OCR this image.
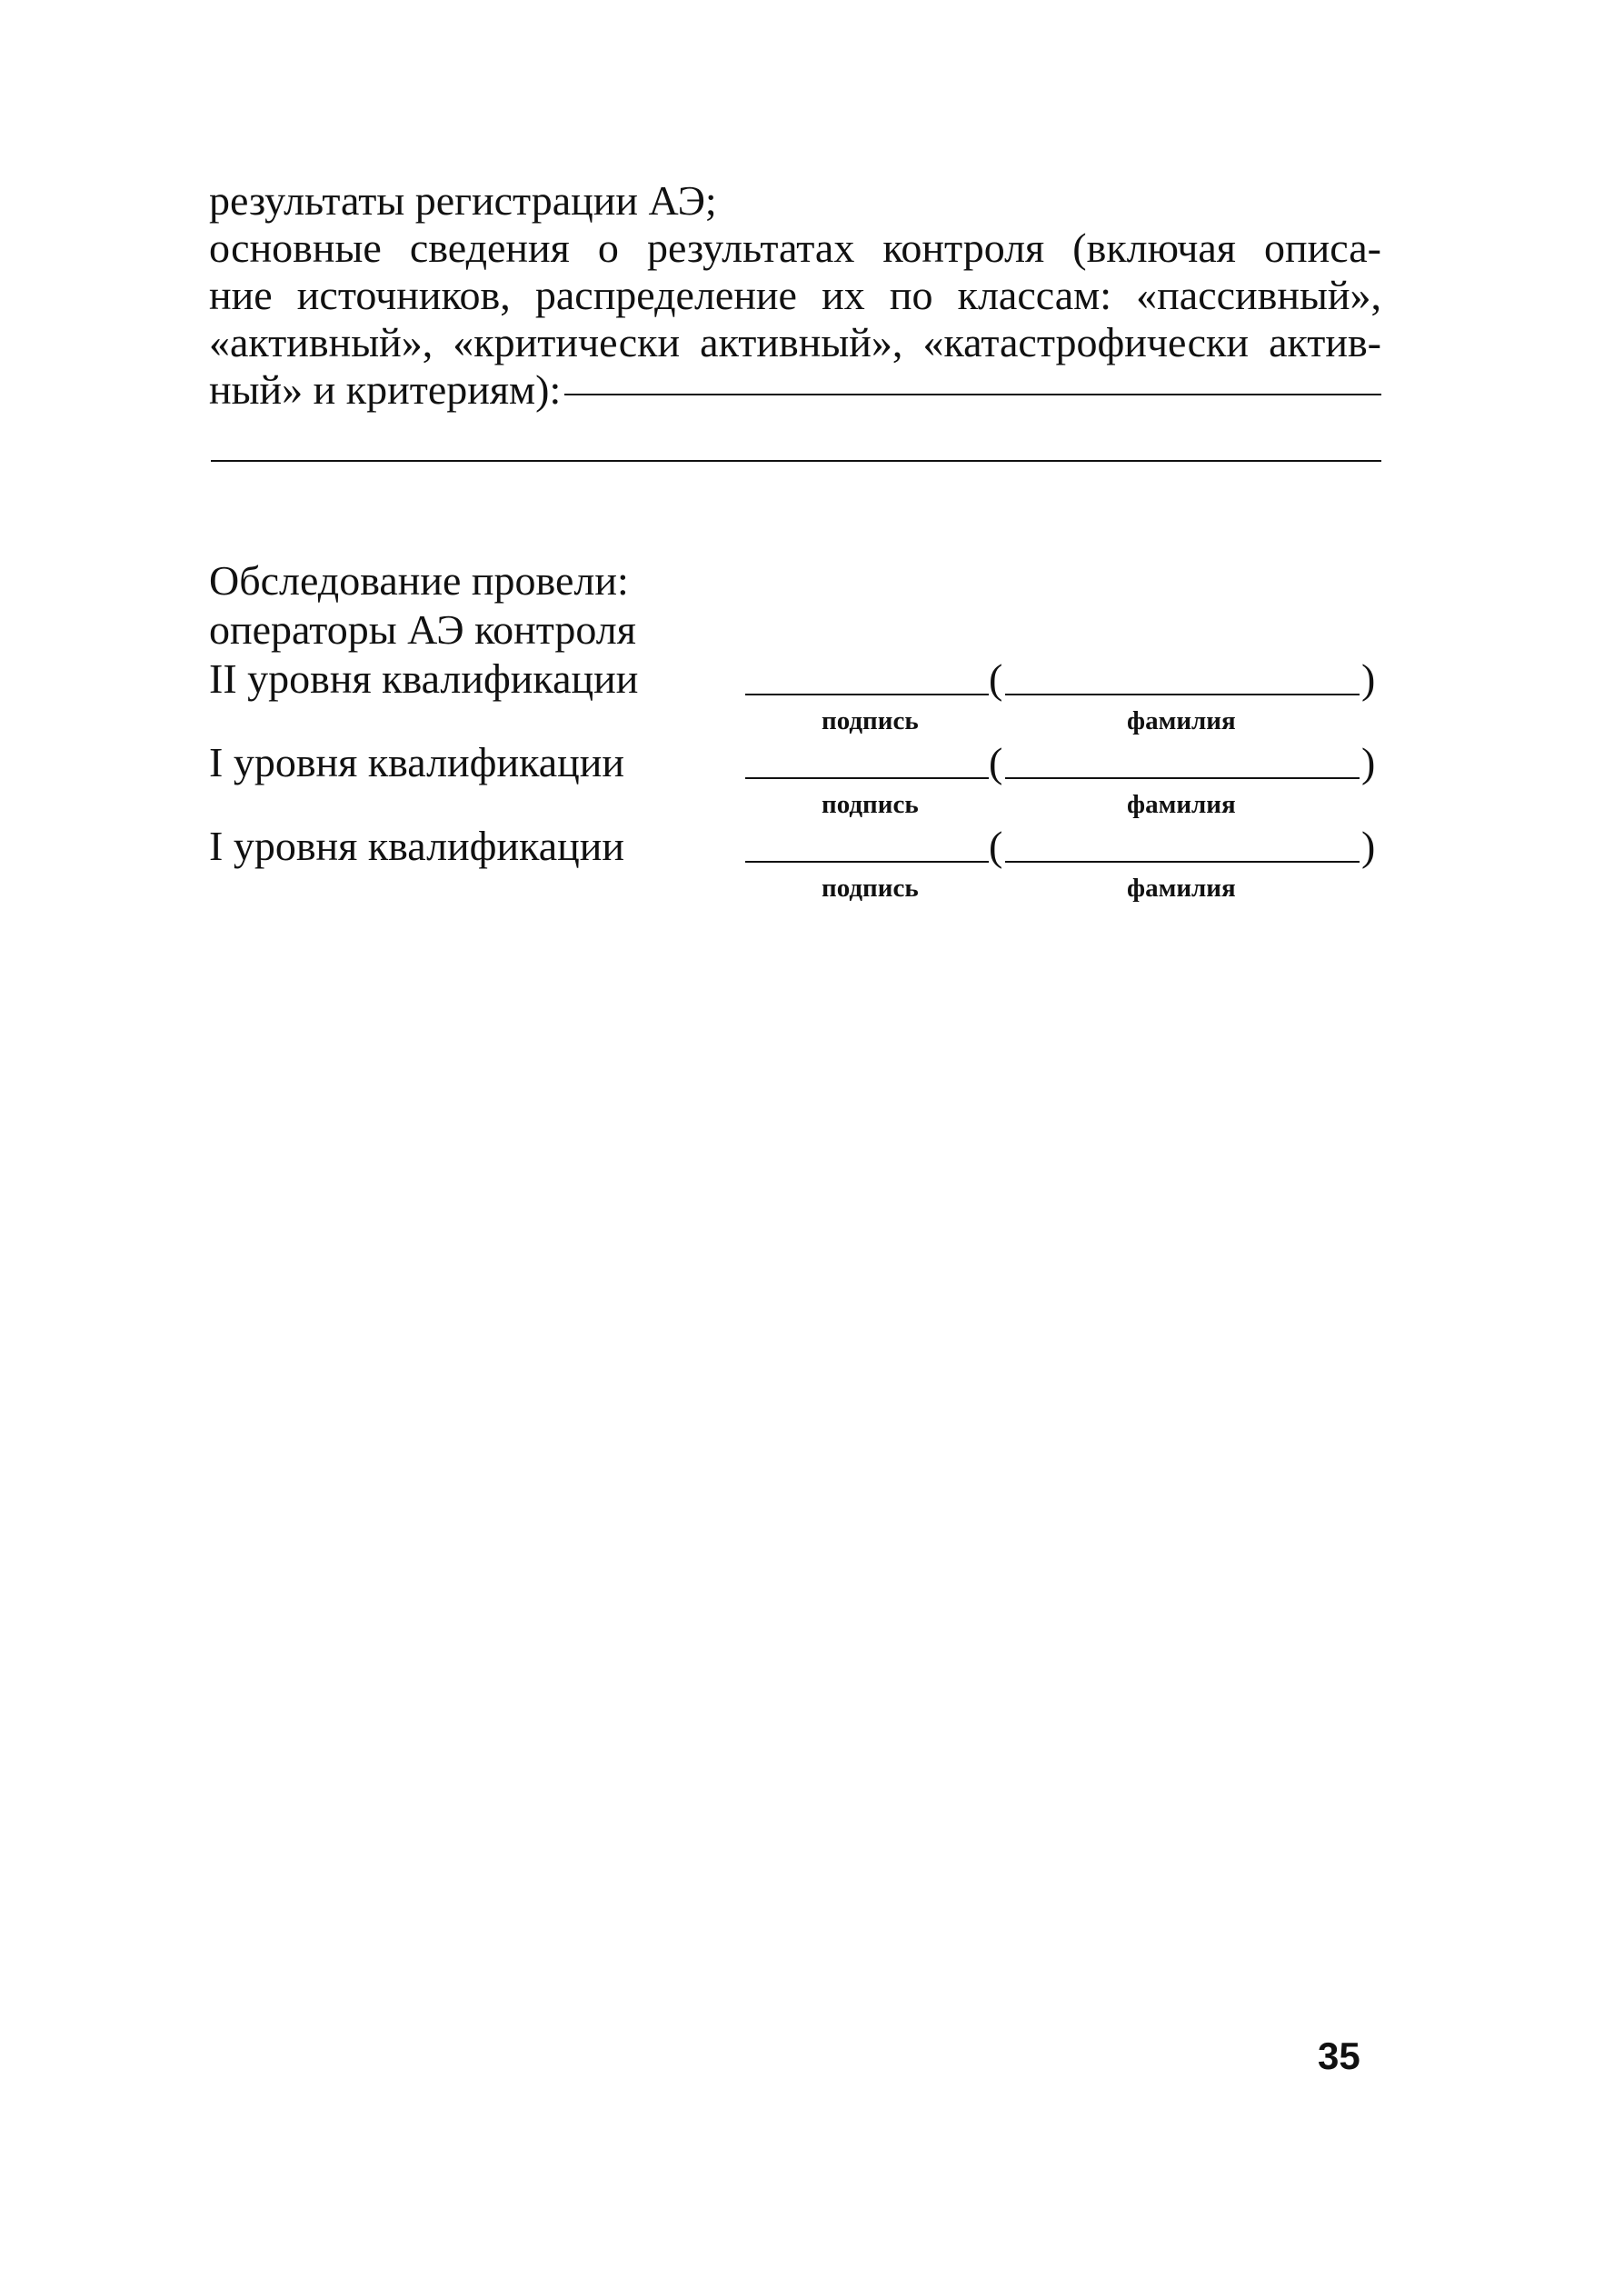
результаты регистрации АЭ;
основные сведения о результатах контроля (включая описа-
ние источников, распределение их по классам: «пассивный»,
«активный», «критически активный», «катастрофически актив-
ный» и критериям):
Обследование провели:
операторы АЭ контроля
II уровня квалификации	(	)
подпись	фамилия
I уровня квалификации	(	)
подпись	фамилия
I уровня квалификации	(	)
подпись	фамилия
35
